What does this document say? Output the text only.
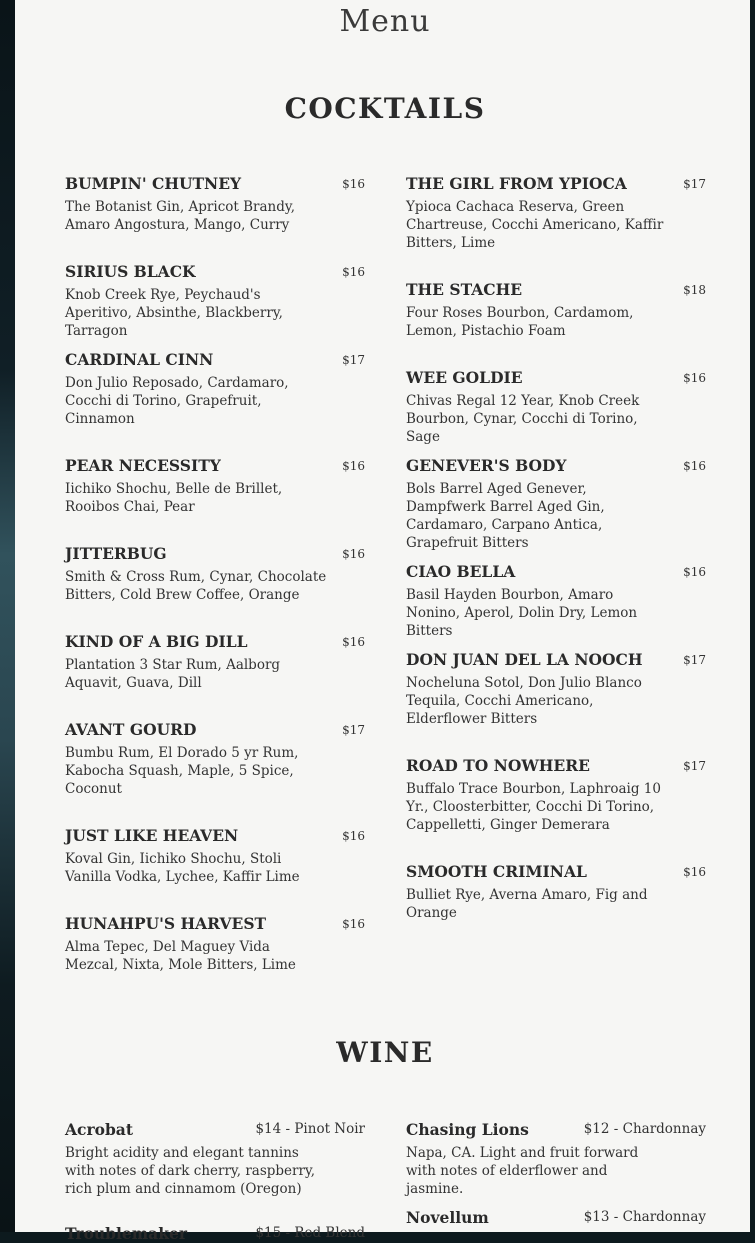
Menu
COCKTAILS
BUMPIN' CHUTNEY	$16
The Botanist Gin, Apricot Brandy, Amaro Angostura, Mango, Curry
SIRIUS BLACK	$16
Knob Creek Rye, Peychaud's Aperitivo, Absinthe, Blackberry, Tarragon
CARDINAL CINN	$17
Don Julio Reposado, Cardamaro, Cocchi di Torino, Grapefruit, Cinnamon
PEAR NECESSITY	$16
Iichiko Shochu, Belle de Brillet, Rooibos Chai, Pear
JITTERBUG	$16
Smith & Cross Rum, Cynar, Chocolate Bitters, Cold Brew Coffee, Orange
KIND OF A BIG DILL	$16
Plantation 3 Star Rum, Aalborg Aquavit, Guava, Dill
AVANT GOURD	$17
Bumbu Rum, El Dorado 5 yr Rum, Kabocha Squash, Maple, 5 Spice, Coconut
JUST LIKE HEAVEN	$16
Koval Gin, Iichiko Shochu, Stoli Vanilla Vodka, Lychee, Kaffir Lime
HUNAHPU'S HARVEST	$16
Alma Tepec, Del Maguey Vida Mezcal, Nixta, Mole Bitters, Lime
THE GIRL FROM YPIOCA	$17
Ypioca Cachaca Reserva, Green Chartreuse, Cocchi Americano, Kaffir Bitters, Lime
THE STACHE	$18
Four Roses Bourbon, Cardamom, Lemon, Pistachio Foam
WEE GOLDIE	$16
Chivas Regal 12 Year, Knob Creek Bourbon, Cynar, Cocchi di Torino, Sage
GENEVER'S BODY	$16
Bols Barrel Aged Genever, Dampfwerk Barrel Aged Gin, Cardamaro, Carpano Antica, Grapefruit Bitters
CIAO BELLA	$16
Basil Hayden Bourbon, Amaro Nonino, Aperol, Dolin Dry, Lemon Bitters
DON JUAN DEL LA NOOCH	$17
Nocheluna Sotol, Don Julio Blanco Tequila, Cocchi Americano, Elderflower Bitters
ROAD TO NOWHERE	$17
Buffalo Trace Bourbon, Laphroaig 10 Yr., Cloosterbitter, Cocchi Di Torino, Cappelletti, Ginger Demerara
SMOOTH CRIMINAL	$16
Bulliet Rye, Averna Amaro, Fig and Orange
WINE
Acrobat	$14 - Pinot Noir
Bright acidity and elegant tannins with notes of dark cherry, raspberry, rich plum and cinnamom (Oregon)
Troublemaker	$15 - Red Blend
Chasing Lions	$12 - Chardonnay
Napa, CA. Light and fruit forward with notes of elderflower and jasmine.
Novellum	$13 - Chardonnay
